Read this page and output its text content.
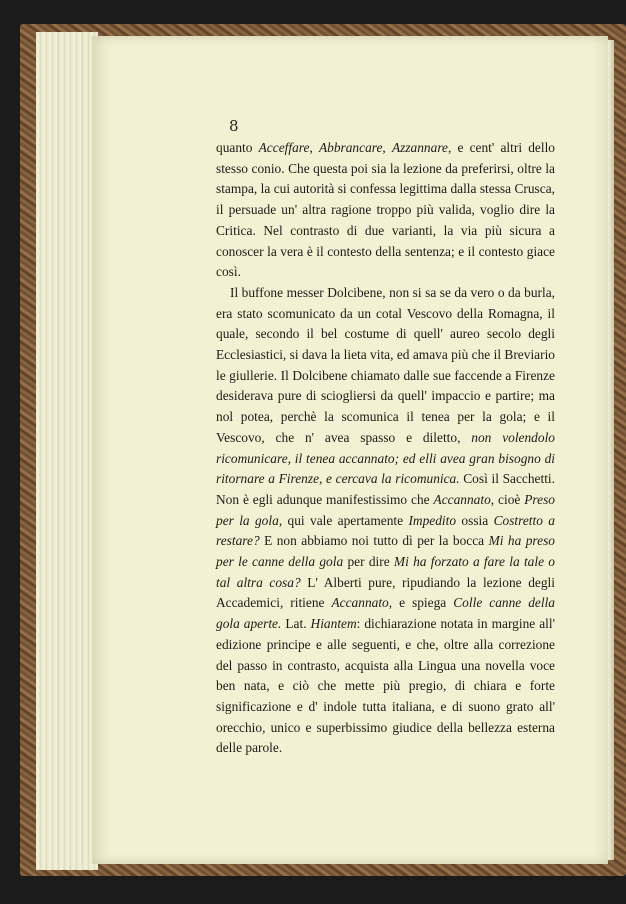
8

quanto Acceffare, Abbrancare, Azzannare, e cent' altri dello stesso conio. Che questa poi sia la lezione da preferirsi, oltre la stampa, la cui autorità si confessa legittima dalla stessa Crusca, il persuade un' altra ragione troppo più valida, voglio dire la Critica. Nel contrasto di due varianti, la via più sicura a conoscer la vera è il contesto della sentenza; e il contesto giace così.

Il buffone messer Dolcibene, non si sa se da vero o da burla, era stato scomunicato da un cotal Vescovo della Romagna, il quale, secondo il bel costume di quell' aureo secolo degli Ecclesiastici, si dava la lieta vita, ed amava più che il Breviario le giullerie. Il Dolcibene chiamato dalle sue faccende a Firenze desiderava pure di sciogliersi da quell' impaccio e partire; ma nol potea, perchè la scomunica il tenea per la gola; e il Vescovo, che n' avea spasso e diletto, non volendolo ricomunicare, il tenea accannato; ed elli avea gran bisogno di ritornare a Firenze, e cercava la ricomunica. Così il Sacchetti. Non è egli adunque manifestissimo che Accannato, cioè Preso per la gola, qui vale apertamente Impedito ossia Costretto a restare? E non abbiamo noi tutto dì per la bocca Mi ha preso per le canne della gola per dire Mi ha forzato a fare la tale o tal altra cosa? L' Alberti pure, ripudiando la lezione degli Accademici, ritiene Accannato, e spiega Colle canne della gola aperte. Lat. Hiantem: dichiarazione notata in margine all' edizione principe e alle seguenti, e che, oltre alla correzione del passo in contrasto, acquista alla Lingua una novella voce ben nata, e ciò che mette più pregio, di chiara e forte significazione e d' indole tutta italiana, e di suono grato all' orecchio, unico e superbissimo giudice della bellezza esterna delle parole.
